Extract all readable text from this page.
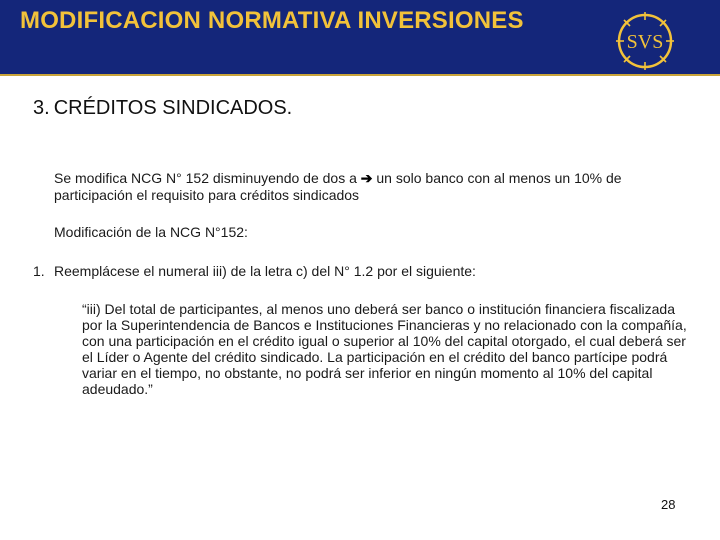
MODIFICACION NORMATIVA INVERSIONES
SVS
3. CRÉDITOS SINDICADOS.
Se modifica NCG N° 152 disminuyendo de dos a ➔ un solo banco con al menos un 10% de participación el requisito para créditos sindicados
Modificación de la NCG N°152:
1. Reemplácese el numeral iii) de la letra c) del N° 1.2 por el siguiente:
“iii) Del total de participantes, al menos uno deberá ser banco o institución financiera fiscalizada por la Superintendencia de Bancos e Instituciones Financieras y no relacionado con la compañía, con una participación en el crédito igual o superior al 10% del capital otorgado, el cual deberá ser el Líder o Agente del crédito sindicado. La participación en el crédito del banco partícipe podrá variar en el tiempo, no obstante, no podrá ser inferior en ningún momento al 10% del capital adeudado.”
28
